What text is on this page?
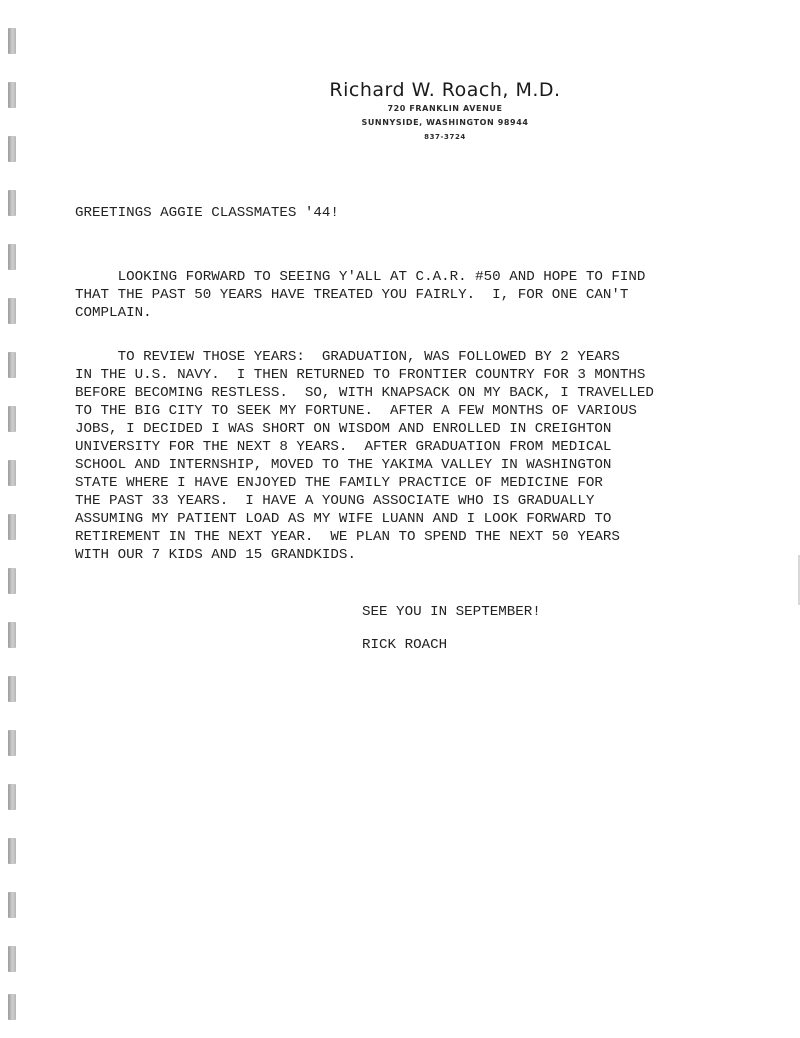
Richard W. Roach, M.D.
720 FRANKLIN AVENUE
SUNNYSIDE, WASHINGTON 98944
837-3724
GREETINGS AGGIE CLASSMATES '44!
LOOKING FORWARD TO SEEING Y'ALL AT C.A.R. #50 AND HOPE TO FIND
THAT THE PAST 50 YEARS HAVE TREATED YOU FAIRLY.  I, FOR ONE CAN'T
COMPLAIN.
TO REVIEW THOSE YEARS:  GRADUATION, WAS FOLLOWED BY 2 YEARS
IN THE U.S. NAVY.  I THEN RETURNED TO FRONTIER COUNTRY FOR 3 MONTHS
BEFORE BECOMING RESTLESS.  SO, WITH KNAPSACK ON MY BACK, I TRAVELLED
TO THE BIG CITY TO SEEK MY FORTUNE.  AFTER A FEW MONTHS OF VARIOUS
JOBS, I DECIDED I WAS SHORT ON WISDOM AND ENROLLED IN CREIGHTON
UNIVERSITY FOR THE NEXT 8 YEARS.  AFTER GRADUATION FROM MEDICAL
SCHOOL AND INTERNSHIP, MOVED TO THE YAKIMA VALLEY IN WASHINGTON
STATE WHERE I HAVE ENJOYED THE FAMILY PRACTICE OF MEDICINE FOR
THE PAST 33 YEARS.  I HAVE A YOUNG ASSOCIATE WHO IS GRADUALLY
ASSUMING MY PATIENT LOAD AS MY WIFE LUANN AND I LOOK FORWARD TO
RETIREMENT IN THE NEXT YEAR.  WE PLAN TO SPEND THE NEXT 50 YEARS
WITH OUR 7 KIDS AND 15 GRANDKIDS.
SEE YOU IN SEPTEMBER!
RICK ROACH
